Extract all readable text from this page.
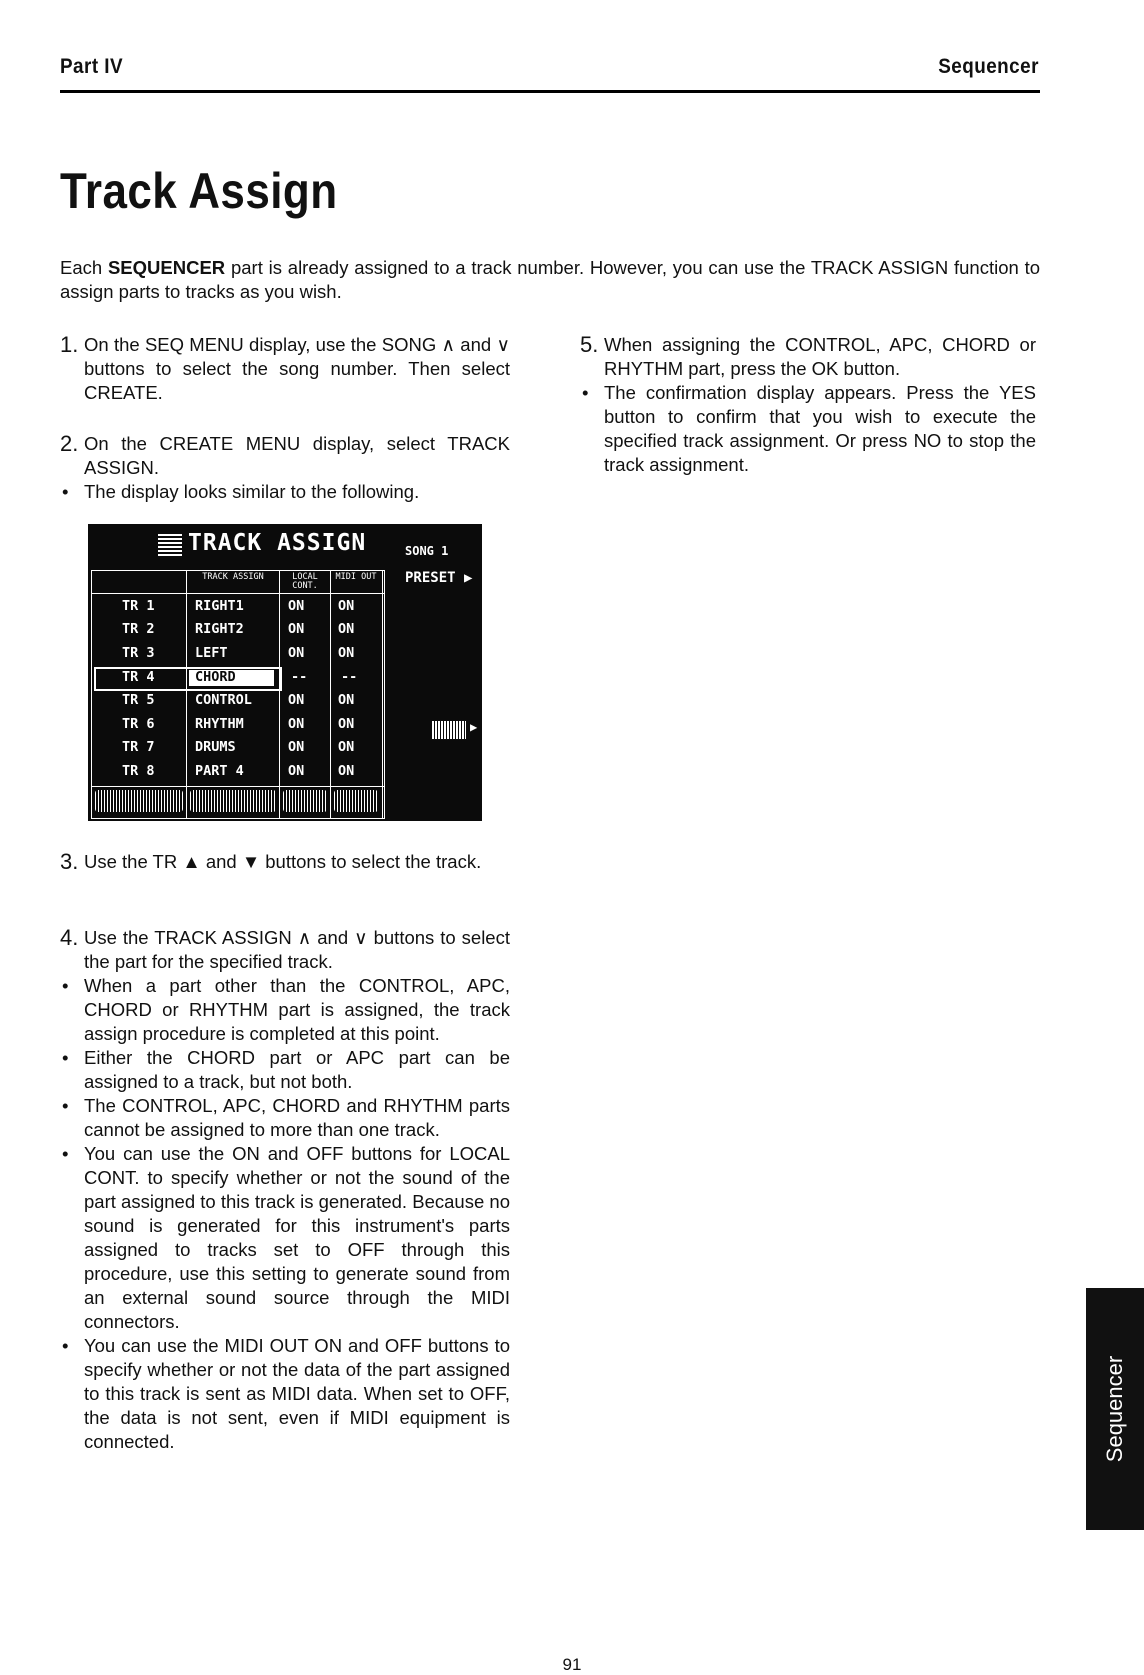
Part IV	Sequencer
Track Assign
Each SEQUENCER part is already assigned to a track number. However, you can use the TRACK ASSIGN function to assign parts to tracks as you wish.
1. On the SEQ MENU display, use the SONG ∧ and ∨ buttons to select the song number. Then select CREATE.

2. On the CREATE MENU display, select TRACK ASSIGN.

• The display looks similar to the following.

TRACK ASSIGN	SONG 1
PRESET ▶
▶
TRACK ASSIGN	LOCAL CONT.
MIDI OUT
TR 1	RIGHT1	ON ON
TR 2	RIGHT2	ON ON
TR 3	LEFT	ON ON
TR 4	CHORD	-- --
TR 5	CONTROL	ON ON
TR 6	RHYTHM	ON ON
TR 7	DRUMS	ON ON
TR 8	PART 4	ON ON
3. Use the TR ▲ and ▼ buttons to select the track.

4. Use the TRACK ASSIGN ∧ and ∨ buttons to select the part for the specified track.

• When a part other than the CONTROL, APC, CHORD or RHYTHM part is assigned, the track assign procedure is completed at this point.

• Either the CHORD part or APC part can be assigned to a track, but not both.

• The CONTROL, APC, CHORD and RHYTHM parts cannot be assigned to more than one track.

• You can use the ON and OFF buttons for LOCAL CONT. to specify whether or not the sound of the part assigned to this track is generated. Because no sound is generated for this instrument's parts assigned to tracks set to OFF through this procedure, use this setting to generate sound from an external sound source through the MIDI connectors.

• You can use the MIDI OUT ON and OFF buttons to specify whether or not the data of the part assigned to this track is sent as MIDI data. When set to OFF, the data is not sent, even if MIDI equipment is connected.

5. When assigning the CONTROL, APC, CHORD or RHYTHM part, press the OK button.

• The confirmation display appears. Press the YES button to confirm that you wish to execute the specified track assignment. Or press NO to stop the track assignment.

Sequencer
91
